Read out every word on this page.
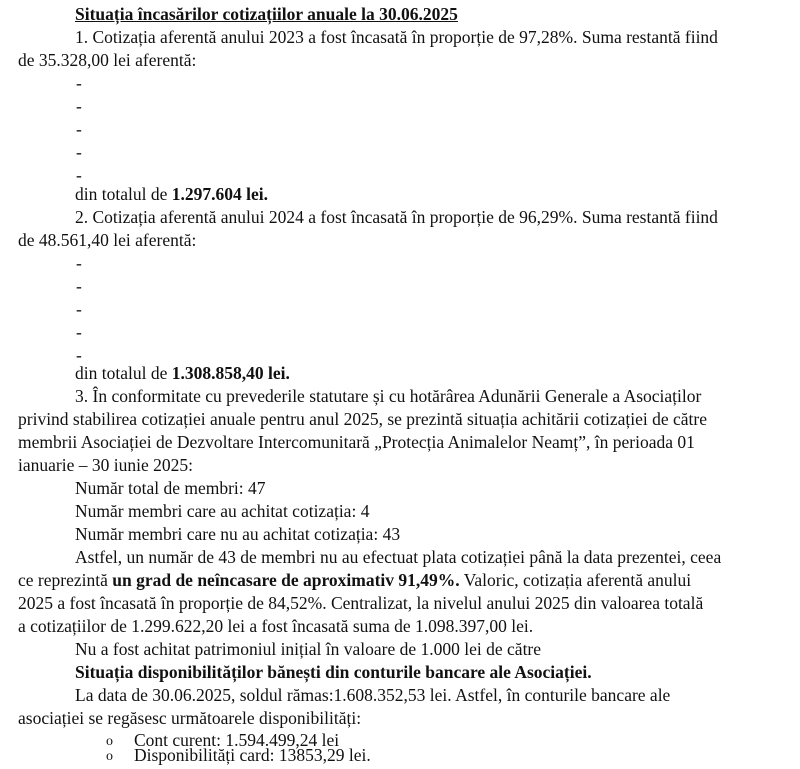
Situația încasărilor cotizațiilor anuale la 30.06.2025
1. Cotizația aferentă anului 2023 a fost încasată în proporție de 97,28%. Suma restantă fiind
de 35.328,00 lei aferentă:
-
-
-
-
-
din totalul de 1.297.604 lei.
2. Cotizația aferentă anului 2024 a fost încasată în proporție de 96,29%. Suma restantă fiind
de 48.561,40 lei aferentă:
-
-
-
-
-
din totalul de 1.308.858,40 lei.
3. În conformitate cu prevederile statutare și cu hotărârea Adunării Generale a Asociaților
privind stabilirea cotizației anuale pentru anul 2025, se prezintă situația achitării cotizației de către
membrii Asociației de Dezvoltare Intercomunitară „Protecția Animalelor Neamț”, în perioada 01
ianuarie – 30 iunie 2025:
Număr total de membri: 47
Număr membri care au achitat cotizația: 4
Număr membri care nu au achitat cotizația: 43
Astfel, un număr de 43 de membri nu au efectuat plata cotizației până la data prezentei, ceea
ce reprezintă un grad de neîncasare de aproximativ 91,49%. Valoric, cotizația aferentă anului
2025 a fost încasată în proporție de 84,52%. Centralizat, la nivelul anului 2025 din valoarea totală
a cotizațiilor de 1.299.622,20 lei a fost încasată suma de 1.098.397,00 lei.
Nu a fost achitat patrimoniul inițial în valoare de 1.000 lei de către
Situația disponibilităților bănești din conturile bancare ale Asociației.
La data de 30.06.2025, soldul rămas:1.608.352,53 lei. Astfel, în conturile bancare ale
asociației se regăsesc următoarele disponibilități:
o Cont curent: 1.594.499,24 lei
o Disponibilități card: 13853,29 lei.
